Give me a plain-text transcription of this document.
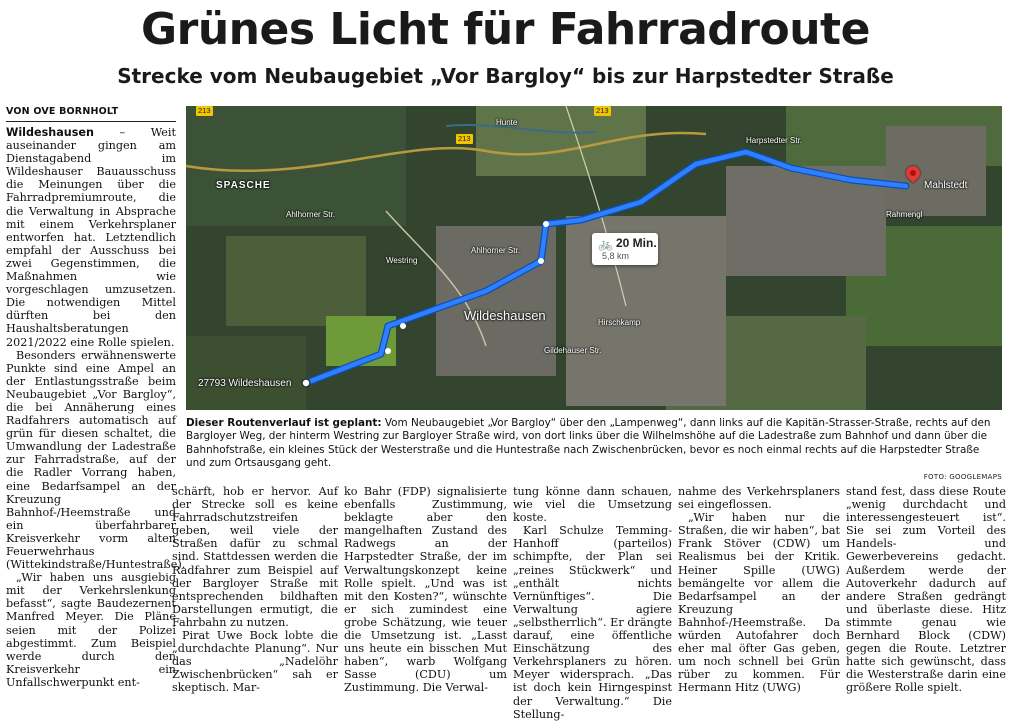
Grünes Licht für Fahrradroute
Strecke vom Neubaugebiet „Vor Bargloy“ bis zur Harpstedter Straße
VON OVE BORNHOLT

Wildeshausen – Weit auseinander gingen am Dienstagabend im Wildeshauser Bauausschuss die Meinungen über die Fahrradpremiumroute, die die Verwaltung in Absprache mit einem Verkehrsplaner entworfen hat. Letztendlich empfahl der Ausschuss bei zwei Gegenstimmen, die Maßnahmen wie vorgeschlagen umzusetzen. Die notwendigen Mittel dürften bei den Haushaltsberatungen 2021/2022 eine Rolle spielen.

Besonders erwähnenswerte Punkte sind eine Ampel an der Entlastungsstraße beim Neubaugebiet „Vor Bargloy“, die bei Annäherung eines Radfahrers automatisch auf grün für diesen schaltet, die Umwandlung der Ladestraße zur Fahrradstraße, auf der die Radler Vorrang haben, eine Bedarfsampel an der Kreuzung Bahnhof-/Heemstraße und ein überfahrbarer Kreisverkehr vorm alten Feuerwehrhaus (Wittekindstraße/Huntestraße).

„Wir haben uns ausgiebig mit der Verkehrslenkung befasst“, sagte Baudezernent Manfred Meyer. Die Pläne seien mit der Polizei abgestimmt. Zum Beispiel werde durch den Kreisverkehr ein Unfallschwerpunkt ent-

213
213
213
SPASCHE
Wildeshausen
Hunte
Ahlhorner Str.
Ahlhorner Str.
Harpstedter Str.
Westring
Gildehauser Str.
Hirschkamp
Rahmengl
27793 Wildeshausen
Mahlstedt
🚲 20 Min.
5,8 km
Dieser Routenverlauf ist geplant: Vom Neubaugebiet „Vor Bargloy“ über den „Lampenweg“, dann links auf die Kapitän-Strasser-Straße, rechts auf den Bargloyer Weg, der hinterm Westring zur Bargloyer Straße wird, von dort links über die Wilhelmshöhe auf die Ladestraße zum Bahnhof und dann über die Bahnhofstraße, ein kleines Stück der Westerstraße und die Huntestraße nach Zwischenbrücken, bevor es noch einmal rechts auf die Harpstedter Straße und zum Ortsausgang geht.
FOTO: GOOGLEMAPS

schärft, hob er hervor. Auf der Strecke soll es keine Fahrradschutzstreifen geben, weil viele der Straßen dafür zu schmal sind. Stattdessen werden die Radfahrer zum Beispiel auf der Bargloyer Straße mit entsprechenden bildhaften Darstellungen ermutigt, die Fahrbahn zu nutzen.

Pirat Uwe Bock lobte die „durchdachte Planung“. Nur das „Nadelöhr Zwischenbrücken“ sah er skeptisch. Mar-

ko Bahr (FDP) signalisierte ebenfalls Zustimmung, beklagte aber den mangelhaften Zustand des Radwegs an der Harpstedter Straße, der im Verwaltungskonzept keine Rolle spielt. „Und was ist mit den Kosten?“, wünschte er sich zumindest eine grobe Schätzung, wie teuer die Umsetzung ist. „Lasst uns heute ein bisschen Mut haben“, warb Wolfgang Sasse (CDU) um Zustimmung. Die Verwal-

tung könne dann schauen, wie viel die Umsetzung koste.

Karl Schulze Temming-Hanhoff (parteilos) schimpfte, der Plan sei „reines Stückwerk“ und „enthält nichts Vernünftiges“. Die Verwaltung agiere „selbstherrlich“. Er drängte darauf, eine öffentliche Einschätzung des Verkehrsplaners zu hören. Meyer widersprach. „Das ist doch kein Hirngespinst der Verwaltung.“ Die Stellung-

nahme des Verkehrsplaners sei eingeflossen.

„Wir haben nur die Straßen, die wir haben“, bat Frank Stöver (CDW) um Realismus bei der Kritik. Heiner Spille (UWG) bemängelte vor allem die Bedarfsampel an der Kreuzung Bahnhof-/Heemstraße. Da würden Autofahrer doch eher mal öfter Gas geben, um noch schnell bei Grün rüber zu kommen. Für Hermann Hitz (UWG)

stand fest, dass diese Route „wenig durchdacht und interessengesteuert ist“. Sie sei zum Vorteil des Handels- und Gewerbevereins gedacht. Außerdem werde der Autoverkehr dadurch auf andere Straßen gedrängt und überlaste diese. Hitz stimmte genau wie Bernhard Block (CDW) gegen die Route. Letztrer hatte sich gewünscht, dass die Westerstraße darin eine größere Rolle spielt.
